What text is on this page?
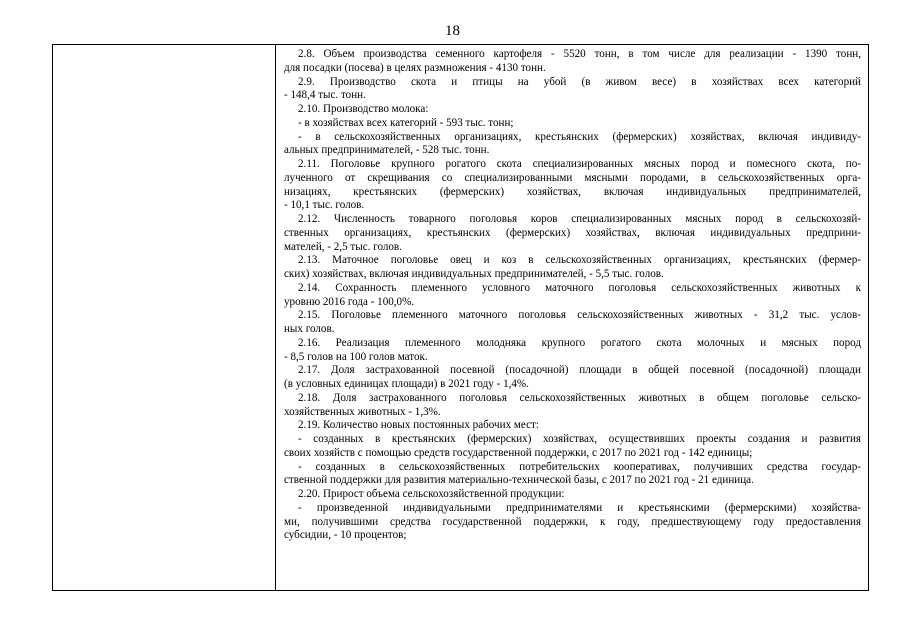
18
2.8. Объем производства семенного картофеля - 5520 тонн, в том числе для реализации - 1390 тонн,
для посадки (посева) в целях размножения - 4130 тонн.
2.9. Производство скота и птицы на убой (в живом весе) в хозяйствах всех категорий
- 148,4 тыс. тонн.
2.10. Производство молока:
- в хозяйствах всех категорий - 593 тыс. тонн;
- в сельскохозяйственных организациях, крестьянских (фермерских) хозяйствах, включая индивиду-
альных предпринимателей, - 528 тыс. тонн.
2.11. Поголовье крупного рогатого скота специализированных мясных пород и помесного скота, по-
лученного от скрещивания со специализированными мясными породами, в сельскохозяйственных орга-
низациях, крестьянских (фермерских) хозяйствах, включая индивидуальных предпринимателей,
- 10,1 тыс. голов.
2.12. Численность товарного поголовья коров специализированных мясных пород в сельскохозяй-
ственных организациях, крестьянских (фермерских) хозяйствах, включая индивидуальных предприни-
мателей, - 2,5 тыс. голов.
2.13. Маточное поголовье овец и коз в сельскохозяйственных организациях, крестьянских (фермер-
ских) хозяйствах, включая индивидуальных предпринимателей, - 5,5 тыс. голов.
2.14. Сохранность племенного условного маточного поголовья сельскохозяйственных животных к
уровню 2016 года - 100,0%.
2.15. Поголовье племенного маточного поголовья сельскохозяйственных животных - 31,2 тыс. услов-
ных голов.
2.16. Реализация племенного молодняка крупного рогатого скота молочных и мясных пород
- 8,5 голов на 100 голов маток.
2.17. Доля застрахованной посевной (посадочной) площади в общей посевной (посадочной) площади
(в условных единицах площади) в 2021 году - 1,4%.
2.18. Доля застрахованного поголовья сельскохозяйственных животных в общем поголовье сельско-
хозяйственных животных - 1,3%.
2.19. Количество новых постоянных рабочих мест:
- созданных в крестьянских (фермерских) хозяйствах, осуществивших проекты создания и развития
своих хозяйств с помощью средств государственной поддержки, с 2017 по 2021 год - 142 единицы;
- созданных в сельскохозяйственных потребительских кооперативах, получивших средства государ-
ственной поддержки для развития материально-технической базы, с 2017 по 2021 год - 21 единица.
2.20. Прирост объема сельскохозяйственной продукции:
- произведенной индивидуальными предпринимателями и крестьянскими (фермерскими) хозяйства-
ми, получившими средства государственной поддержки, к году, предшествующему году предоставления
субсидии, - 10 процентов;
